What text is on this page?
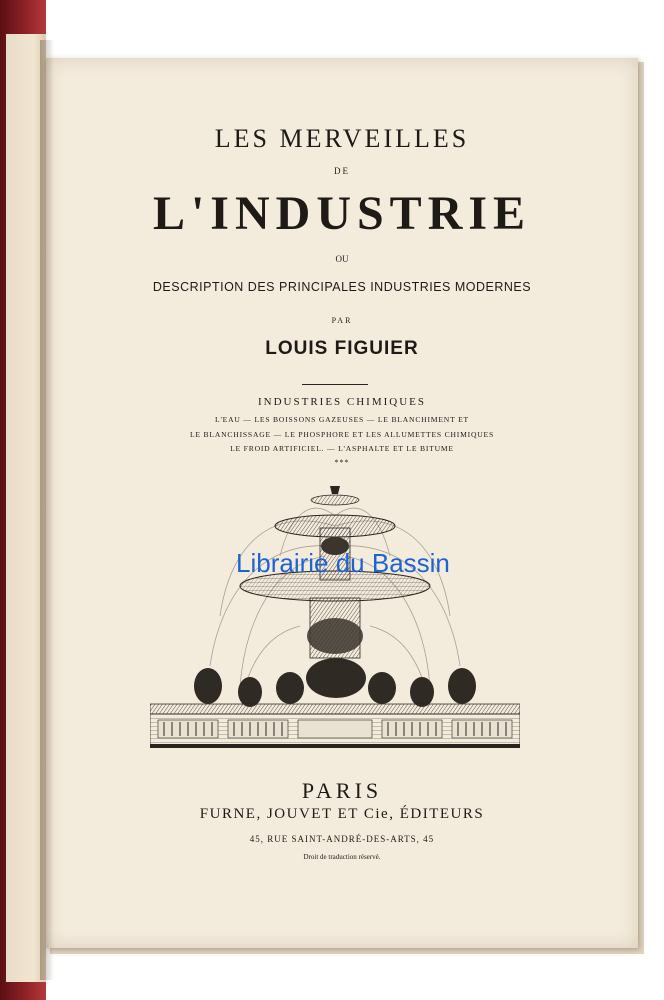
LES MERVEILLES
DE
L'INDUSTRIE
OU
DESCRIPTION DES PRINCIPALES INDUSTRIES MODERNES
PAR
LOUIS FIGUIER
INDUSTRIES CHIMIQUES
L'EAU — LES BOISSONS GAZEUSES — LE BLANCHIMENT ET
LE BLANCHISSAGE — LE PHOSPHORE ET LES ALLUMETTES CHIMIQUES
LE FROID ARTIFICIEL. — L'ASPHALTE ET LE BITUME
***
PARIS
FURNE, JOUVET ET Cie, ÉDITEURS
45, RUE SAINT-ANDRÉ-DES-ARTS, 45
Droit de traduction réservé.
Librairie du Bassin
